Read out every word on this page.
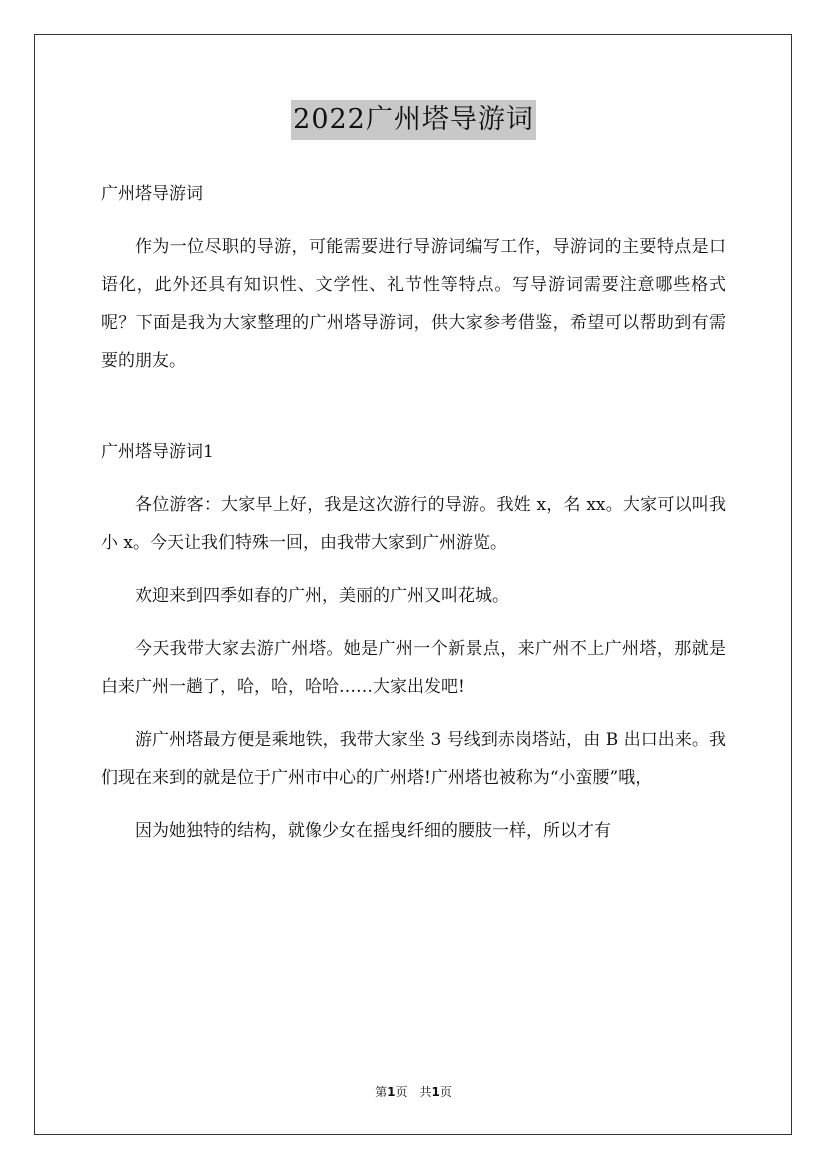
2022广州塔导游词

广州塔导游词

作为一位尽职的导游，可能需要进行导游词编写工作，导游词的主要特点是口语化，此外还具有知识性、文学性、礼节性等特点。写导游词需要注意哪些格式呢？下面是我为大家整理的广州塔导游词，供大家参考借鉴，希望可以帮助到有需要的朋友。

广州塔导游词1

各位游客：大家早上好，我是这次游行的导游。我姓 x，名 xx。大家可以叫我小 x。今天让我们特殊一回，由我带大家到广州游览。

欢迎来到四季如春的广州，美丽的广州又叫花城。

今天我带大家去游广州塔。她是广州一个新景点，来广州不上广州塔，那就是白来广州一趟了，哈，哈，哈哈……大家出发吧!

游广州塔最方便是乘地铁，我带大家坐 3 号线到赤岗塔站，由 B 出口出来。我们现在来到的就是位于广州市中心的广州塔!广州塔也被称为“小蛮腰”哦，

因为她独特的结构，就像少女在摇曳纤细的腰肢一样，所以才有

第1页　共1页
